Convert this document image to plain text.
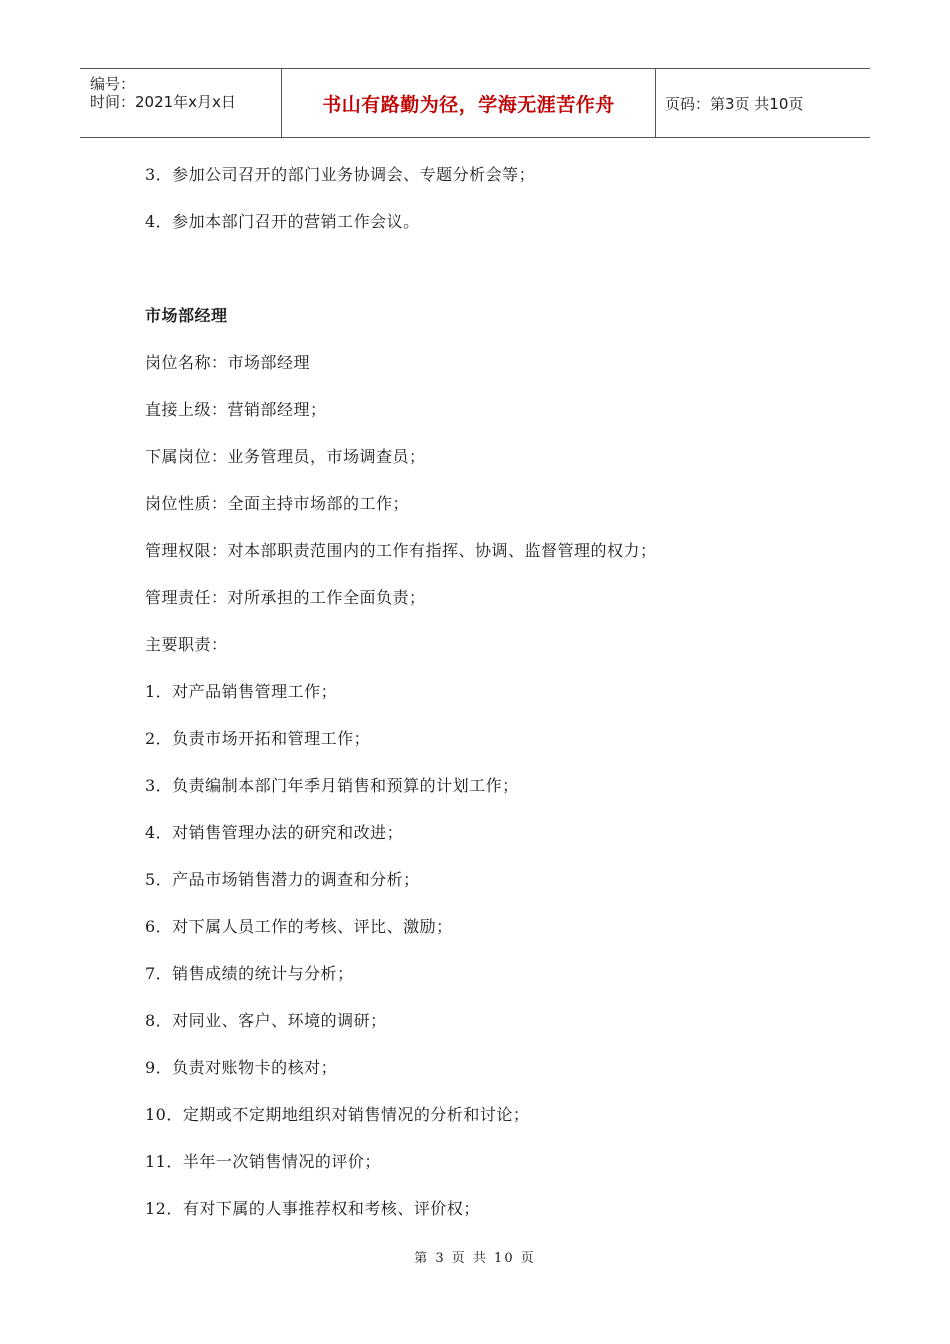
编号：
时间：2021年x月x日	书山有路勤为径，学海无涯苦作舟	页码：第3页 共10页
3．参加公司召开的部门业务协调会、专题分析会等；
4．参加本部门召开的营销工作会议。
市场部经理
岗位名称：市场部经理
直接上级：营销部经理；
下属岗位：业务管理员，市场调查员；
岗位性质：全面主持市场部的工作；
管理权限：对本部职责范围内的工作有指挥、协调、监督管理的权力；
管理责任：对所承担的工作全面负责；
主要职责：
1．对产品销售管理工作；
2．负责市场开拓和管理工作；
3．负责编制本部门年季月销售和预算的计划工作；
4．对销售管理办法的研究和改进；
5．产品市场销售潜力的调查和分析；
6．对下属人员工作的考核、评比、激励；
7．销售成绩的统计与分析；
8．对同业、客户、环境的调研；
9．负责对账物卡的核对；
10．定期或不定期地组织对销售情况的分析和讨论；
11．半年一次销售情况的评价；
12．有对下属的人事推荐权和考核、评价权；
第 3 页 共 10 页
